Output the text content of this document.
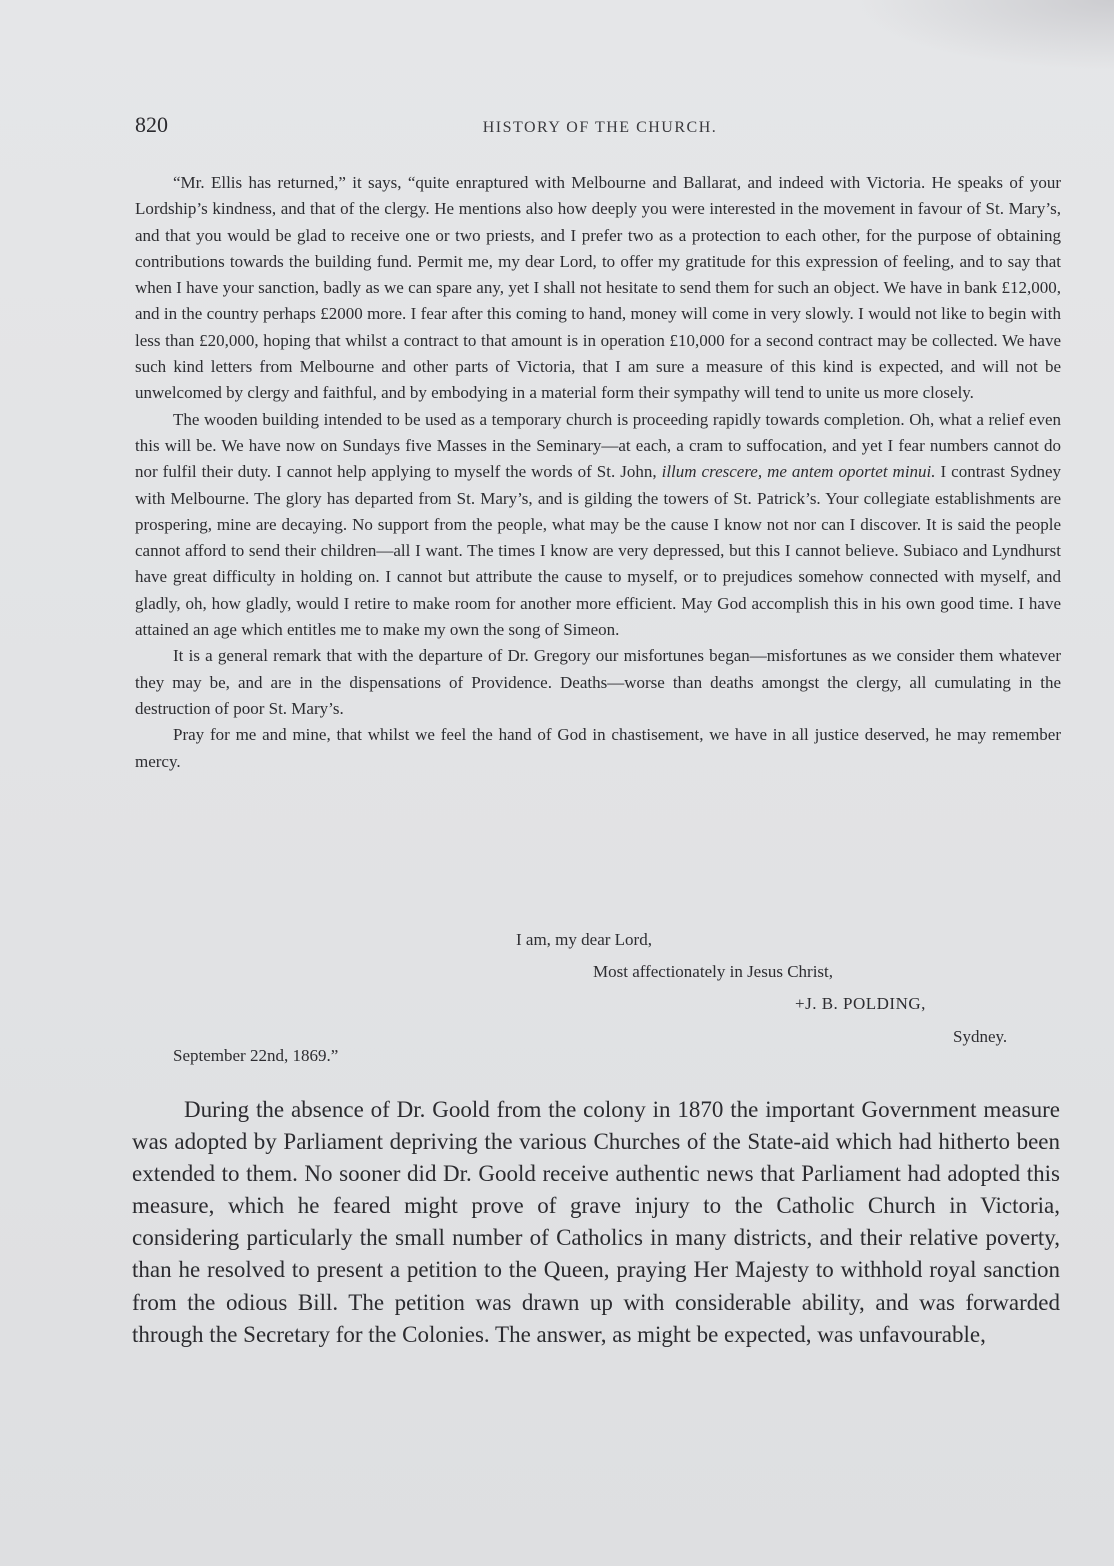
820	HISTORY OF THE CHURCH.

“Mr. Ellis has returned,” it says, “quite enraptured with Melbourne and Ballarat, and indeed with Victoria. He speaks of your Lordship’s kindness, and that of the clergy. He mentions also how deeply you were interested in the movement in favour of St. Mary’s, and that you would be glad to receive one or two priests, and I prefer two as a protection to each other, for the purpose of obtaining contributions towards the building fund. Permit me, my dear Lord, to offer my gratitude for this expression of feeling, and to say that when I have your sanction, badly as we can spare any, yet I shall not hesitate to send them for such an object. We have in bank £12,000, and in the country perhaps £2000 more. I fear after this coming to hand, money will come in very slowly. I would not like to begin with less than £20,000, hoping that whilst a contract to that amount is in operation £10,000 for a second contract may be collected. We have such kind letters from Melbourne and other parts of Victoria, that I am sure a measure of this kind is expected, and will not be unwelcomed by clergy and faithful, and by embodying in a material form their sympathy will tend to unite us more closely.

The wooden building intended to be used as a temporary church is proceeding rapidly towards completion. Oh, what a relief even this will be. We have now on Sundays five Masses in the Seminary—at each, a cram to suffocation, and yet I fear numbers cannot do nor fulfil their duty. I cannot help applying to myself the words of St. John, illum crescere, me antem oportet minui. I contrast Sydney with Melbourne. The glory has departed from St. Mary’s, and is gilding the towers of St. Patrick’s. Your collegiate establishments are prospering, mine are decaying. No support from the people, what may be the cause I know not nor can I discover. It is said the people cannot afford to send their children—all I want. The times I know are very depressed, but this I cannot believe. Subiaco and Lyndhurst have great difficulty in holding on. I cannot but attribute the cause to myself, or to prejudices somehow connected with myself, and gladly, oh, how gladly, would I retire to make room for another more efficient. May God accomplish this in his own good time. I have attained an age which entitles me to make my own the song of Simeon.

It is a general remark that with the departure of Dr. Gregory our misfortunes began—misfortunes as we consider them whatever they may be, and are in the dispensations of Providence. Deaths—worse than deaths amongst the clergy, all cumulating in the destruction of poor St. Mary’s.

Pray for me and mine, that whilst we feel the hand of God in chastisement, we have in all justice deserved, he may remember mercy.

I am, my dear Lord,
Most affectionately in Jesus Christ,
+J. B. POLDING,
Sydney.
September 22nd, 1869.”

During the absence of Dr. Goold from the colony in 1870 the important Government measure was adopted by Parliament depriving the various Churches of the State-aid which had hitherto been extended to them. No sooner did Dr. Goold receive authentic news that Parliament had adopted this measure, which he feared might prove of grave injury to the Catholic Church in Victoria, considering particularly the small number of Catholics in many districts, and their relative poverty, than he resolved to present a petition to the Queen, praying Her Majesty to withhold royal sanction from the odious Bill. The petition was drawn up with considerable ability, and was forwarded through the Secretary for the Colonies. The answer, as might be expected, was unfavourable,
